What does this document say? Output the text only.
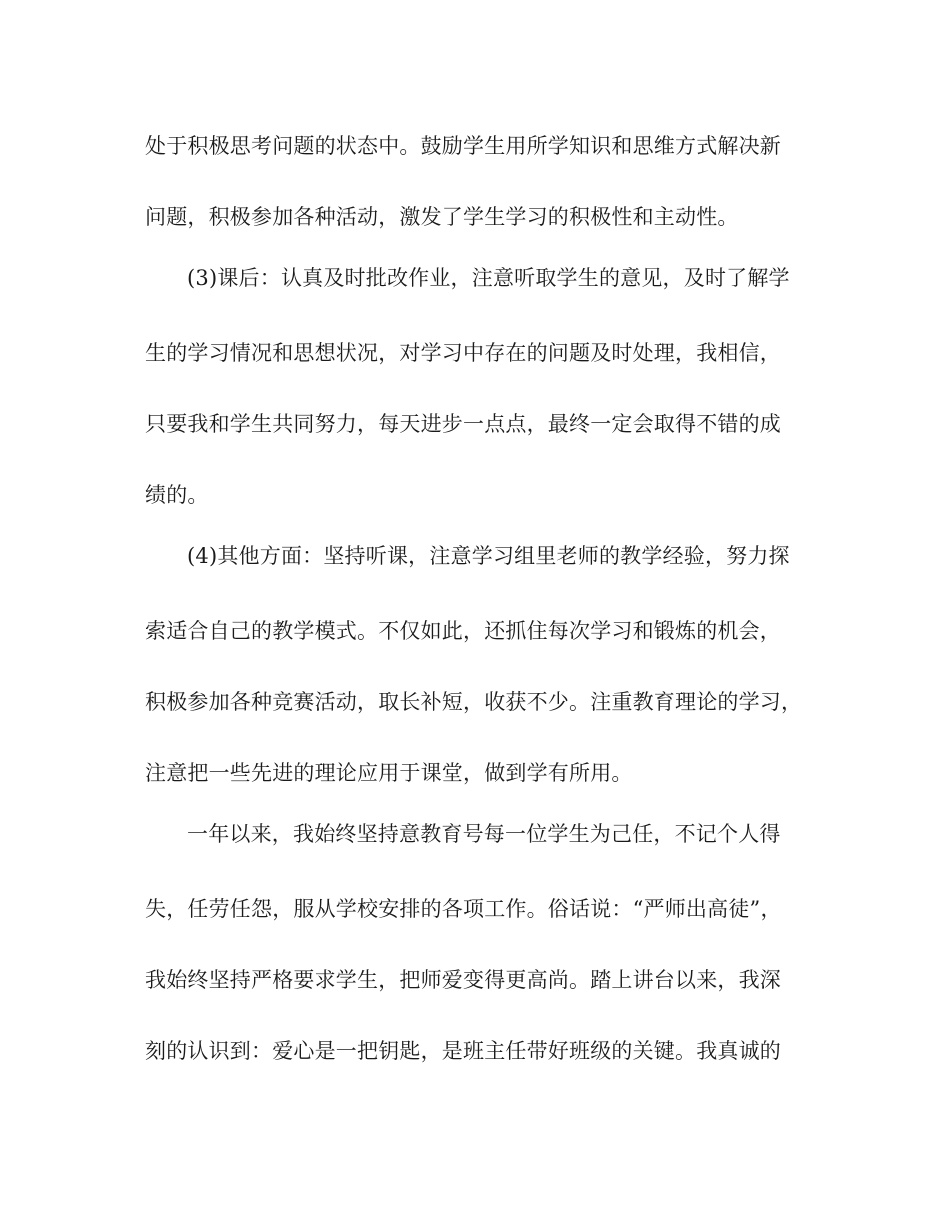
处于积极思考问题的状态中。鼓励学生用所学知识和思维方式解决新
问题，积极参加各种活动，激发了学生学习的积极性和主动性。
(3)课后：认真及时批改作业，注意听取学生的意见，及时了解学
生的学习情况和思想状况，对学习中存在的问题及时处理，我相信，
只要我和学生共同努力，每天进步一点点，最终一定会取得不错的成
绩的。
(4)其他方面：坚持听课，注意学习组里老师的教学经验，努力探
索适合自己的教学模式。不仅如此，还抓住每次学习和锻炼的机会，
积极参加各种竞赛活动，取长补短，收获不少。注重教育理论的学习，
注意把一些先进的理论应用于课堂，做到学有所用。
一年以来，我始终坚持意教育号每一位学生为己任，不记个人得
失，任劳任怨，服从学校安排的各项工作。俗话说：“严师出高徒”，
我始终坚持严格要求学生，把师爱变得更高尚。踏上讲台以来，我深
刻的认识到：爱心是一把钥匙，是班主任带好班级的关键。我真诚的
